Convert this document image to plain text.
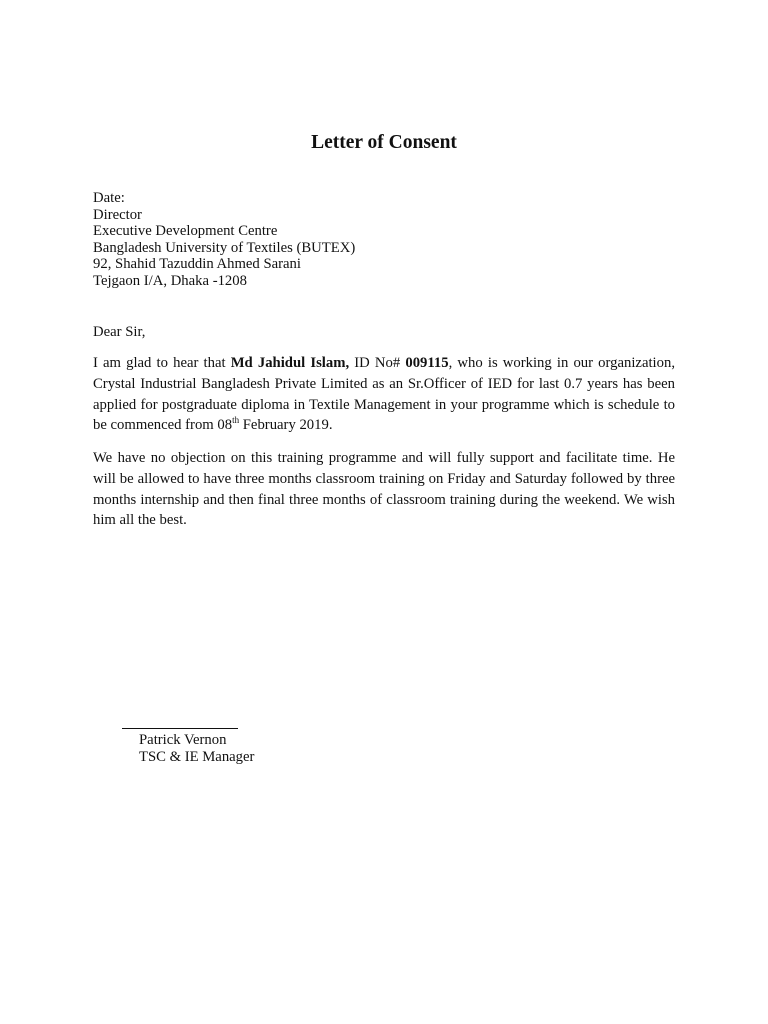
Letter of Consent
Date:
Director
Executive Development Centre
Bangladesh University of Textiles (BUTEX)
92, Shahid Tazuddin Ahmed Sarani
Tejgaon I/A, Dhaka -1208
Dear Sir,

I am glad to hear that Md Jahidul Islam, ID No# 009115, who is working in our organization, Crystal Industrial Bangladesh Private Limited as an Sr.Officer of IED for last 0.7 years has been applied for postgraduate diploma in Textile Management in your programme which is schedule to be commenced from 08th February 2019.

We have no objection on this training programme and will fully support and facilitate time. He will be allowed to have three months classroom training on Friday and Saturday followed by three months internship and then final three months of classroom training during the weekend. We wish him all the best.

Patrick Vernon
TSC & IE Manager
